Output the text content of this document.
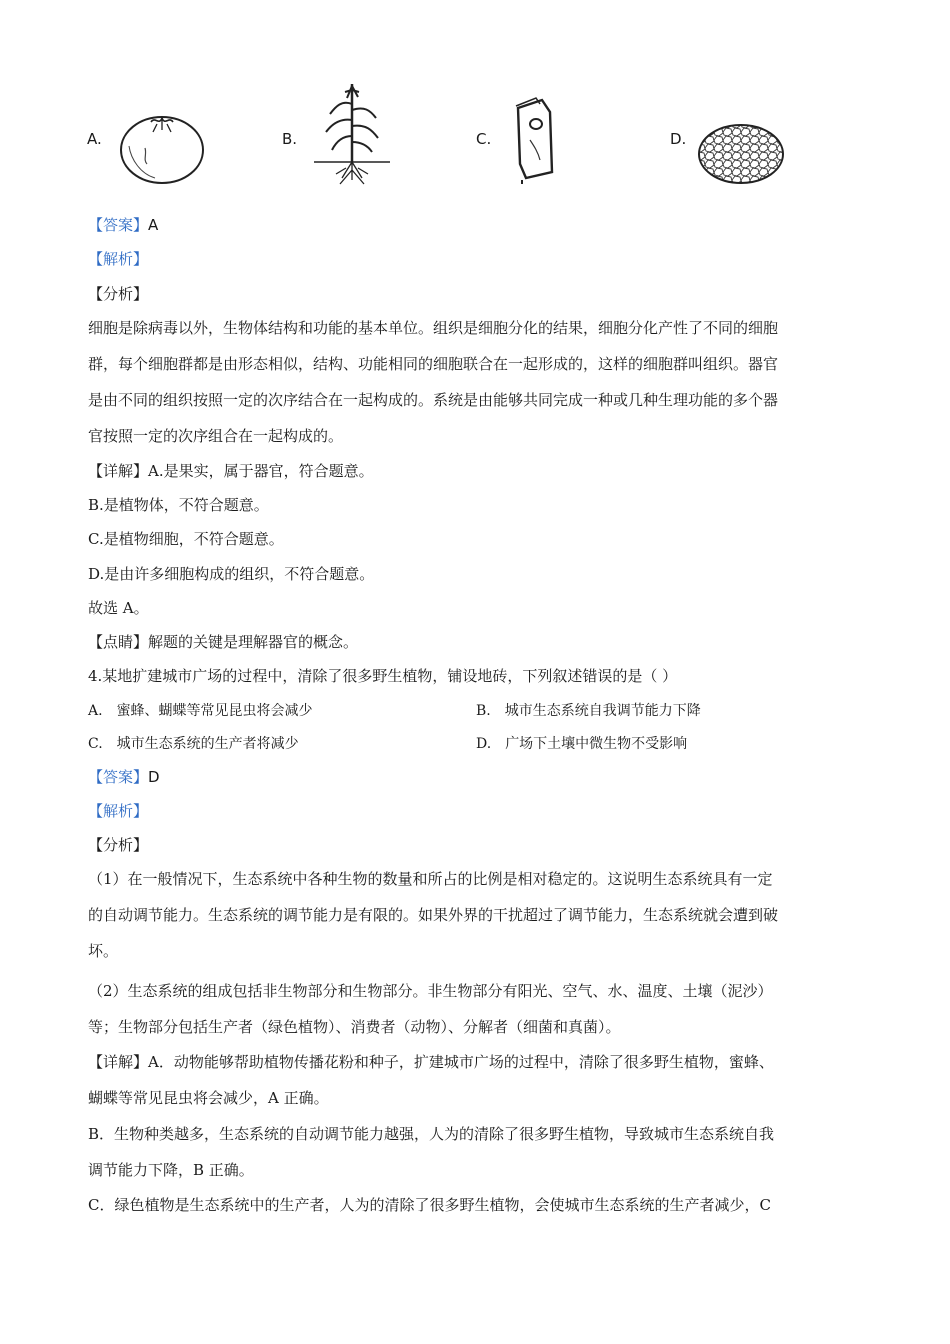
A.	B.	C.	D.
【答案】A
【解析】
【分析】
细胞是除病毒以外，生物体结构和功能的基本单位。组织是细胞分化的结果，细胞分化产性了不同的细胞
群，每个细胞群都是由形态相似，结构、功能相同的细胞联合在一起形成的，这样的细胞群叫组织。器官
是由不同的组织按照一定的次序结合在一起构成的。系统是由能够共同完成一种或几种生理功能的多个器
官按照一定的次序组合在一起构成的。
【详解】A.是果实，属于器官，符合题意。
B.是植物体，不符合题意。
C.是植物细胞，不符合题意。
D.是由许多细胞构成的组织，不符合题意。
故选 A。
【点睛】解题的关键是理解器官的概念。
4.某地扩建城市广场的过程中，清除了很多野生植物，铺设地砖，下列叙述错误的是（ ）
A. 蜜蜂、蝴蝶等常见昆虫将会减少	B. 城市生态系统自我调节能力下降
C. 城市生态系统的生产者将减少	D. 广场下土壤中微生物不受影响
【答案】D
【解析】
【分析】
（1）在一般情况下，生态系统中各种生物的数量和所占的比例是相对稳定的。这说明生态系统具有一定
的自动调节能力。生态系统的调节能力是有限的。如果外界的干扰超过了调节能力，生态系统就会遭到破
坏。
（2）生态系统的组成包括非生物部分和生物部分。非生物部分有阳光、空气、水、温度、土壤（泥沙）
等；生物部分包括生产者（绿色植物）、消费者（动物）、分解者（细菌和真菌）。
【详解】A．动物能够帮助植物传播花粉和种子，扩建城市广场的过程中，清除了很多野生植物，蜜蜂、
蝴蝶等常见昆虫将会减少，A 正确。
B．生物种类越多，生态系统的自动调节能力越强，人为的清除了很多野生植物，导致城市生态系统自我
调节能力下降，B 正确。
C．绿色植物是生态系统中的生产者，人为的清除了很多野生植物，会使城市生态系统的生产者减少，C
